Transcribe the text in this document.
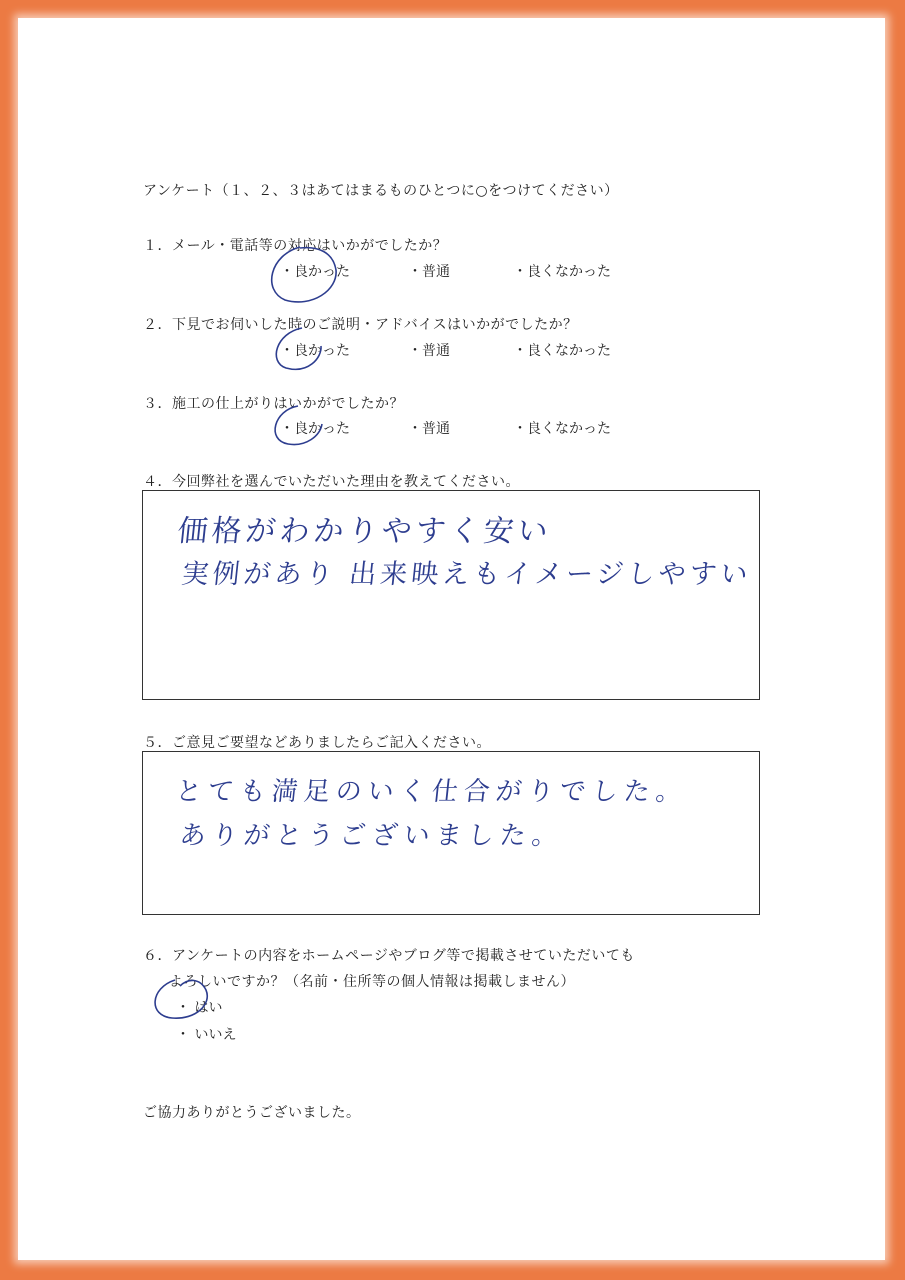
アンケート（１、２、３はあてはまるものひとつに○をつけてください）
１．メール・電話等の対応はいかがでしたか？
・良かった	・普通	・良くなかった
２．下見でお伺いした時のご説明・アドバイスはいかがでしたか？
・良かった	・普通	・良くなかった
３．施工の仕上がりはいかがでしたか？
・良かった	・普通	・良くなかった
４．今回弊社を選んでいただいた理由を教えてください。
価格がわかりやすく安い
実例があり 出来映えもイメージしやすい
５．ご意見ご要望などありましたらご記入ください。
とても満足のいく仕合がりでした。
ありがとうございました。
６．アンケートの内容をホームページやブログ等で掲載させていただいても
よろしいですか？（名前・住所等の個人情報は掲載しません）
・ はい
・ いいえ
ご協力ありがとうございました。
